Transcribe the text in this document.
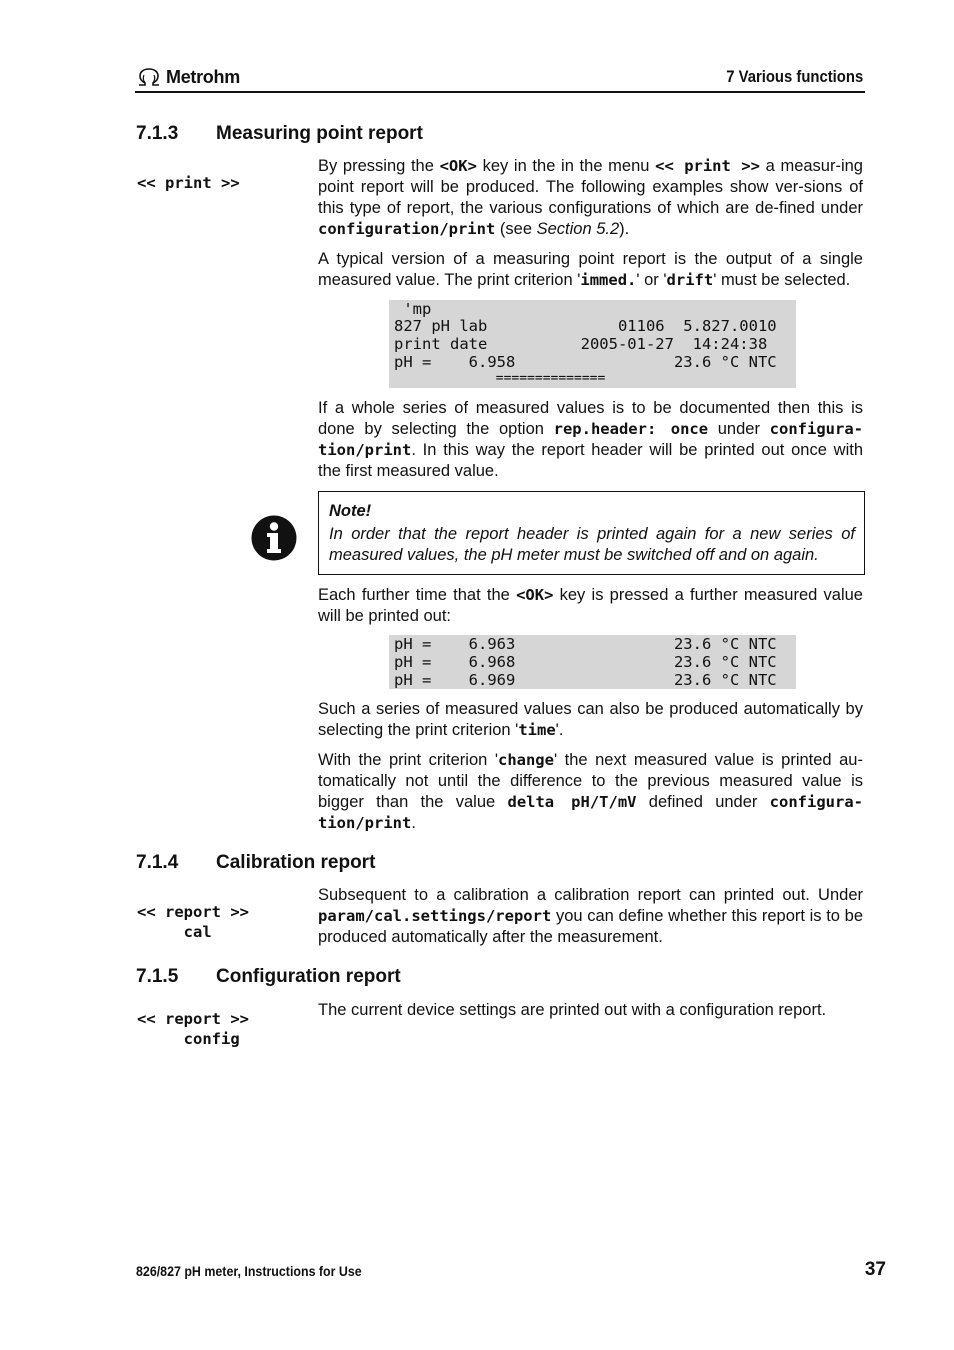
Metrohm	7 Various functions
7.1.3 Measuring point report
<< print >>
By pressing the <OK> key in the in the menu << print >> a measur-ing point report will be produced. The following examples show ver-sions of this type of report, the various configurations of which are de-fined under configuration/print (see Section 5.2).
A typical version of a measuring point report is the output of a single measured value. The print criterion 'immed.' or 'drift' must be selected.
'mp
827 pH lab              01106  5.827.0010
print date          2005-01-27  14:24:38
pH =    6.958                 23.6 °C NTC
==============
If a whole series of measured values is to be documented then this is done by selecting the option rep.header: once under configura-tion/print. In this way the report header will be printed out once with the first measured value.
Note!
In order that the report header is printed again for a new series of measured values, the pH meter must be switched off and on again.
Each further time that the <OK> key is pressed a further measured value will be printed out:
pH =    6.963                 23.6 °C NTC
pH =    6.968                 23.6 °C NTC
pH =    6.969                 23.6 °C NTC
Such a series of measured values can also be produced automatically by selecting the print criterion 'time'.
With the print criterion 'change' the next measured value is printed au-tomatically not until the difference to the previous measured value is bigger than the value delta pH/T/mV defined under configura-tion/print.
7.1.4 Calibration report
<< report >>
cal
Subsequent to a calibration a calibration report can printed out. Under param/cal.settings/report you can define whether this report is to be produced automatically after the measurement.
7.1.5 Configuration report
<< report >>
config
The current device settings are printed out with a configuration report.
826/827 pH meter, Instructions for Use	37
